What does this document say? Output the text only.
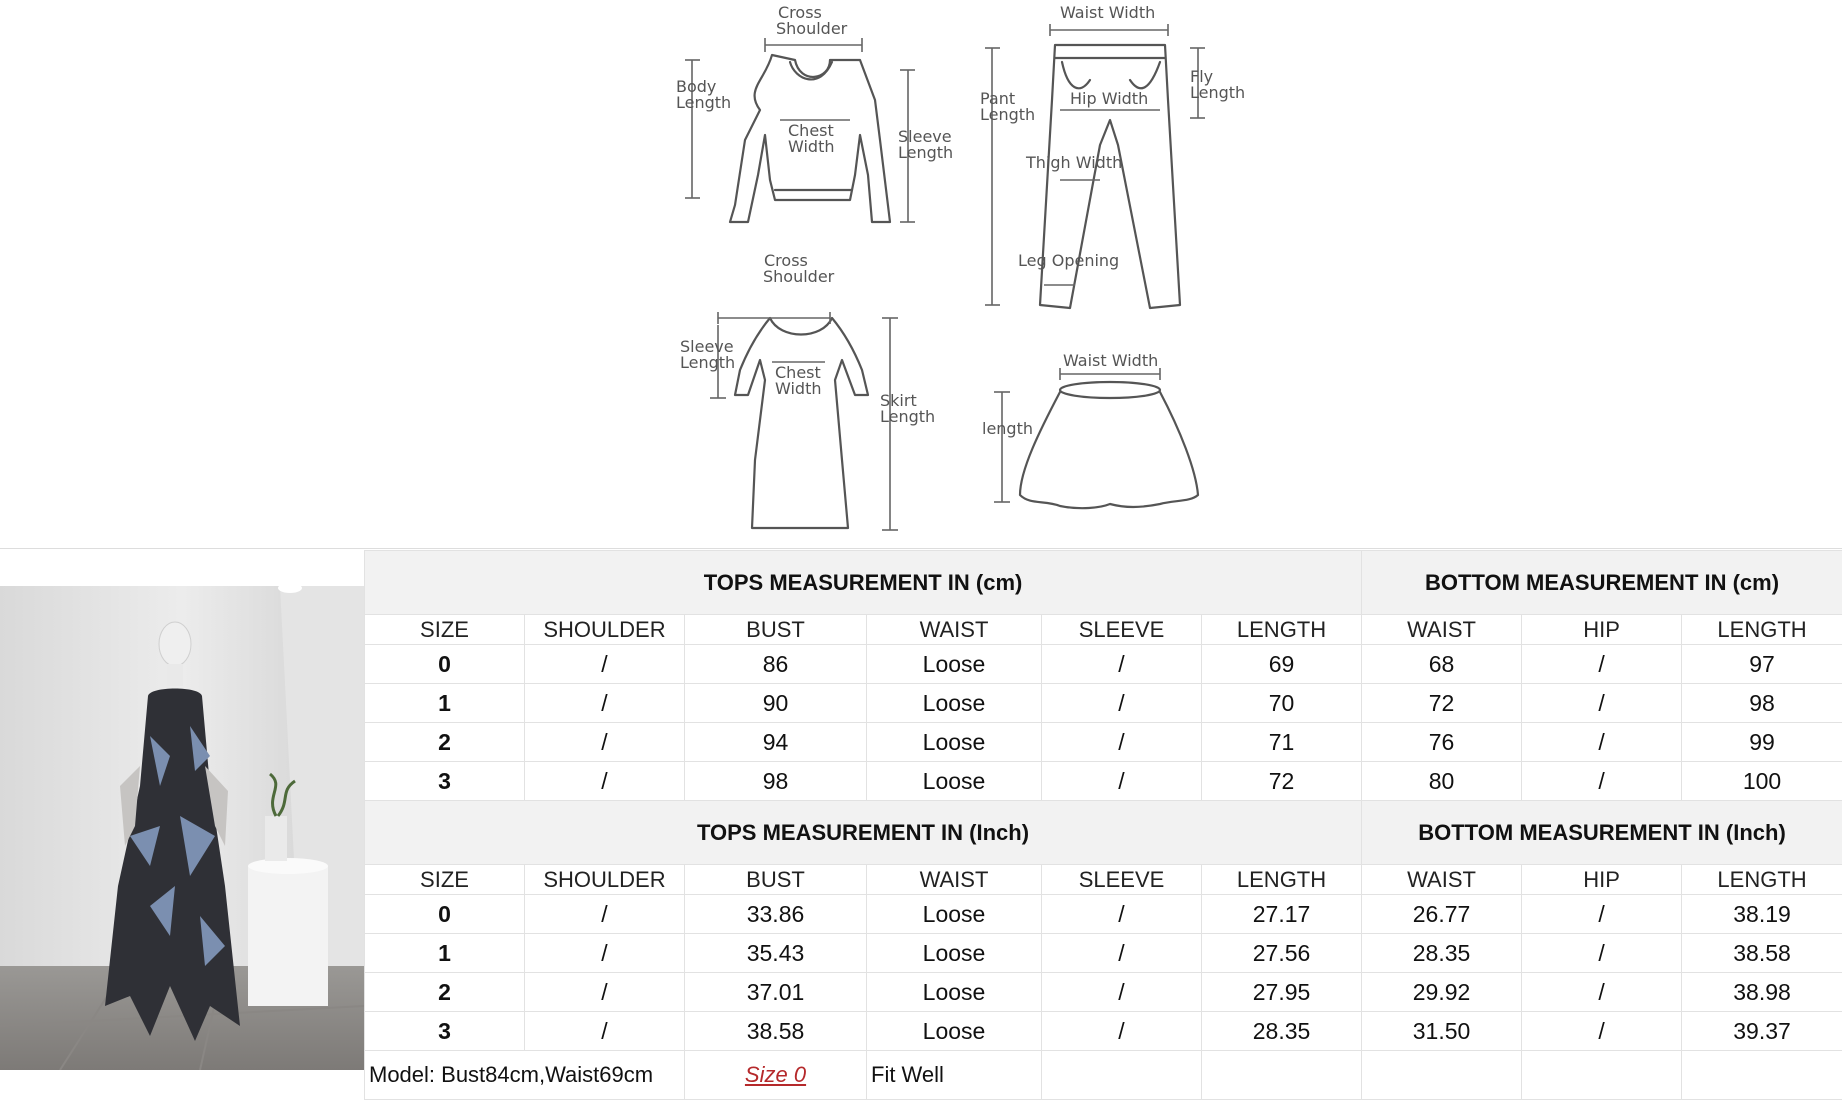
Cross
Shoulder
Body
Length
Chest
Width
Sleeve
Length
Waist Width
Pant
Length
Fly
Length
Hip Width
Thigh Width
Leg Opening
Cross
Shoulder
Sleeve
Length
Chest
Width
Skirt
Length
Waist Width
length
TOPS MEASUREMENT IN (cm)						BOTTOM MEASUREMENT IN (cm)		
SIZE	SHOULDER	BUST	WAIST	SLEEVE	LENGTH	WAIST	HIP	LENGTH
0	/	86	Loose	/	69	68	/	97
1	/	90	Loose	/	70	72	/	98
2	/	94	Loose	/	71	76	/	99
3	/	98	Loose	/	72	80	/	100
TOPS MEASUREMENT IN (Inch)						BOTTOM MEASUREMENT IN (Inch)		
SIZE	SHOULDER	BUST	WAIST	SLEEVE	LENGTH	WAIST	HIP	LENGTH
0	/	33.86	Loose	/	27.17	26.77	/	38.19
1	/	35.43	Loose	/	27.56	28.35	/	38.58
2	/	37.01	Loose	/	27.95	29.92	/	38.98
3	/	38.58	Loose	/	28.35	31.50	/	39.37
Model: Bust84cm,Waist69cm		Size 0	Fit Well					
